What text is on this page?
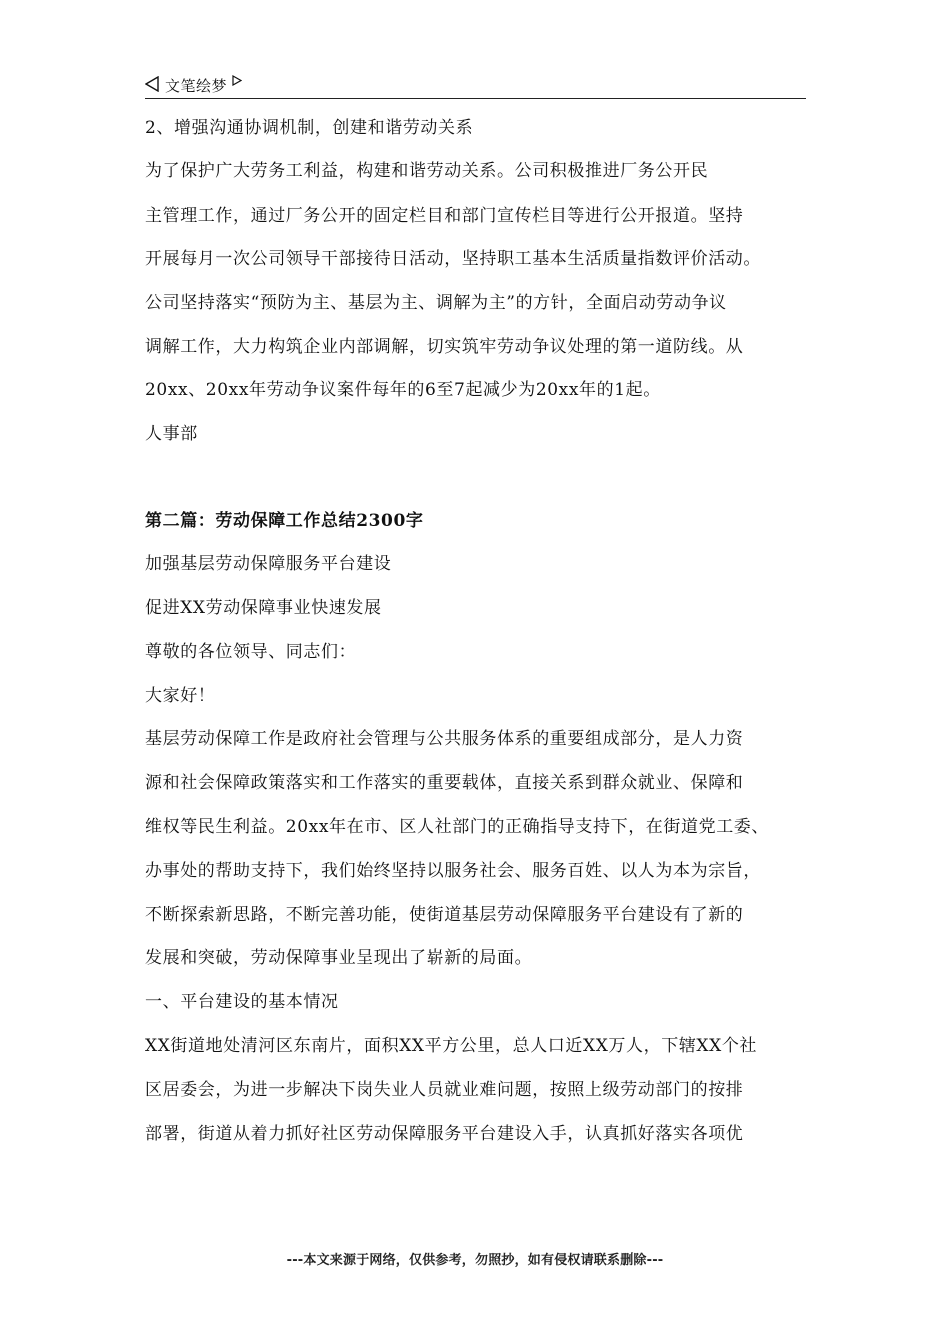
文笔绘梦
2、增强沟通协调机制，创建和谐劳动关系
为了保护广大劳务工利益，构建和谐劳动关系。公司积极推进厂务公开民
主管理工作，通过厂务公开的固定栏目和部门宣传栏目等进行公开报道。坚持
开展每月一次公司领导干部接待日活动，坚持职工基本生活质量指数评价活动。
公司坚持落实“预防为主、基层为主、调解为主”的方针，全面启动劳动争议
调解工作，大力构筑企业内部调解，切实筑牢劳动争议处理的第一道防线。从
20xx、20xx年劳动争议案件每年的6至7起减少为20xx年的1起。
人事部
第二篇：劳动保障工作总结2300字
加强基层劳动保障服务平台建设
促进XX劳动保障事业快速发展
尊敬的各位领导、同志们：
大家好！
基层劳动保障工作是政府社会管理与公共服务体系的重要组成部分，是人力资
源和社会保障政策落实和工作落实的重要载体，直接关系到群众就业、保障和
维权等民生利益。20xx年在市、区人社部门的正确指导支持下，在街道党工委、
办事处的帮助支持下，我们始终坚持以服务社会、服务百姓、以人为本为宗旨，
不断探索新思路，不断完善功能，使街道基层劳动保障服务平台建设有了新的
发展和突破，劳动保障事业呈现出了崭新的局面。
一、平台建设的基本情况
XX街道地处清河区东南片，面积XX平方公里，总人口近XX万人，下辖XX个社
区居委会，为进一步解决下岗失业人员就业难问题，按照上级劳动部门的按排
部署，街道从着力抓好社区劳动保障服务平台建设入手，认真抓好落实各项优
---本文来源于网络，仅供参考，勿照抄，如有侵权请联系删除---
